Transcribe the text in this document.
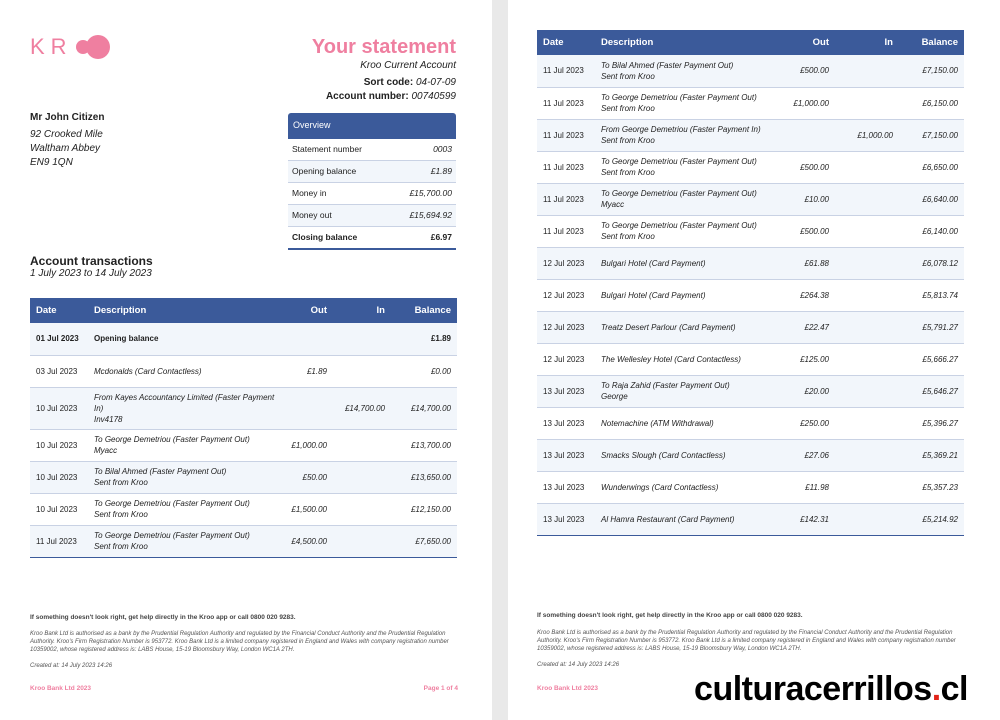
KR	Your statement
Kroo Current Account
Sort code: 04-07-09
Account number: 00740599
Mr John Citizen
92 Crooked Mile
Waltham Abbey
EN9 1QN
Overview
Statement number	0003
Opening balance	£1.89
Money in	£15,700.00
Money out	£15,694.92
Closing balance	£6.97
Account transactions
1 July 2023 to 14 July 2023
If something doesn't look right, get help directly in the Kroo app or call 0800 020 9283.
Kroo Bank Ltd is authorised as a bank by the Prudential Regulation Authority and regulated by the Financial Conduct Authority and the Prudential Regulation Authority. Kroo's Firm Registration Number is 953772. Kroo Bank Ltd is a limited company registered in England and Wales with company registration number 10359002, whose registered address is: LABS House, 15-19 Bloomsbury Way, London WC1A 2TH.
Created at: 14 July 2023 14:26
Kroo Bank Ltd 2023	Page 1 of 4
Date	Description	Out	In	Balance
01 Jul 2023	Opening balance			£1.89
03 Jul 2023	Mcdonalds (Card Contactless)	£1.89		£0.00
10 Jul 2023	From Kayes Accountancy Limited (Faster Payment In)
Inv4178		£14,700.00	£14,700.00
10 Jul 2023	To George Demetriou (Faster Payment Out)
Myacc	£1,000.00		£13,700.00
10 Jul 2023	To Bilal Ahmed (Faster Payment Out)
Sent from Kroo	£50.00		£13,650.00
10 Jul 2023	To George Demetriou (Faster Payment Out)
Sent from Kroo	£1,500.00		£12,150.00
11 Jul 2023	To George Demetriou (Faster Payment Out)
Sent from Kroo	£4,500.00		£7,650.00
If something doesn't look right, get help directly in the Kroo app or call 0800 020 9283.
Kroo Bank Ltd is authorised as a bank by the Prudential Regulation Authority and regulated by the Financial Conduct Authority and the Prudential Regulation Authority. Kroo's Firm Registration Number is 953772. Kroo Bank Ltd is a limited company registered in England and Wales with company registration number 10359002, whose registered address is: LABS House, 15-19 Bloomsbury Way, London WC1A 2TH.
Created at: 14 July 2023 14:26
Kroo Bank Ltd 2023
Date	Description	Out	In	Balance
11 Jul 2023	To Bilal Ahmed (Faster Payment Out)
Sent from Kroo	£500.00		£7,150.00
11 Jul 2023	To George Demetriou (Faster Payment Out)
Sent from Kroo	£1,000.00		£6,150.00
11 Jul 2023	From George Demetriou (Faster Payment In)
Sent from Kroo		£1,000.00	£7,150.00
11 Jul 2023	To George Demetriou (Faster Payment Out)
Sent from Kroo	£500.00		£6,650.00
11 Jul 2023	To George Demetriou (Faster Payment Out)
Myacc	£10.00		£6,640.00
11 Jul 2023	To George Demetriou (Faster Payment Out)
Sent from Kroo	£500.00		£6,140.00
12 Jul 2023	Bulgari Hotel (Card Payment)	£61.88		£6,078.12
12 Jul 2023	Bulgari Hotel (Card Payment)	£264.38		£5,813.74
12 Jul 2023	Treatz Desert Parlour (Card Payment)	£22.47		£5,791.27
12 Jul 2023	The Wellesley Hotel (Card Contactless)	£125.00		£5,666.27
13 Jul 2023	To Raja Zahid (Faster Payment Out)
George	£20.00		£5,646.27
13 Jul 2023	Notemachine (ATM Withdrawal)	£250.00		£5,396.27
13 Jul 2023	Smacks Slough (Card Contactless)	£27.06		£5,369.21
13 Jul 2023	Wunderwings (Card Contactless)	£11.98		£5,357.23
13 Jul 2023	Al Hamra Restaurant (Card Payment)	£142.31		£5,214.92
culturacerrillos.cl
